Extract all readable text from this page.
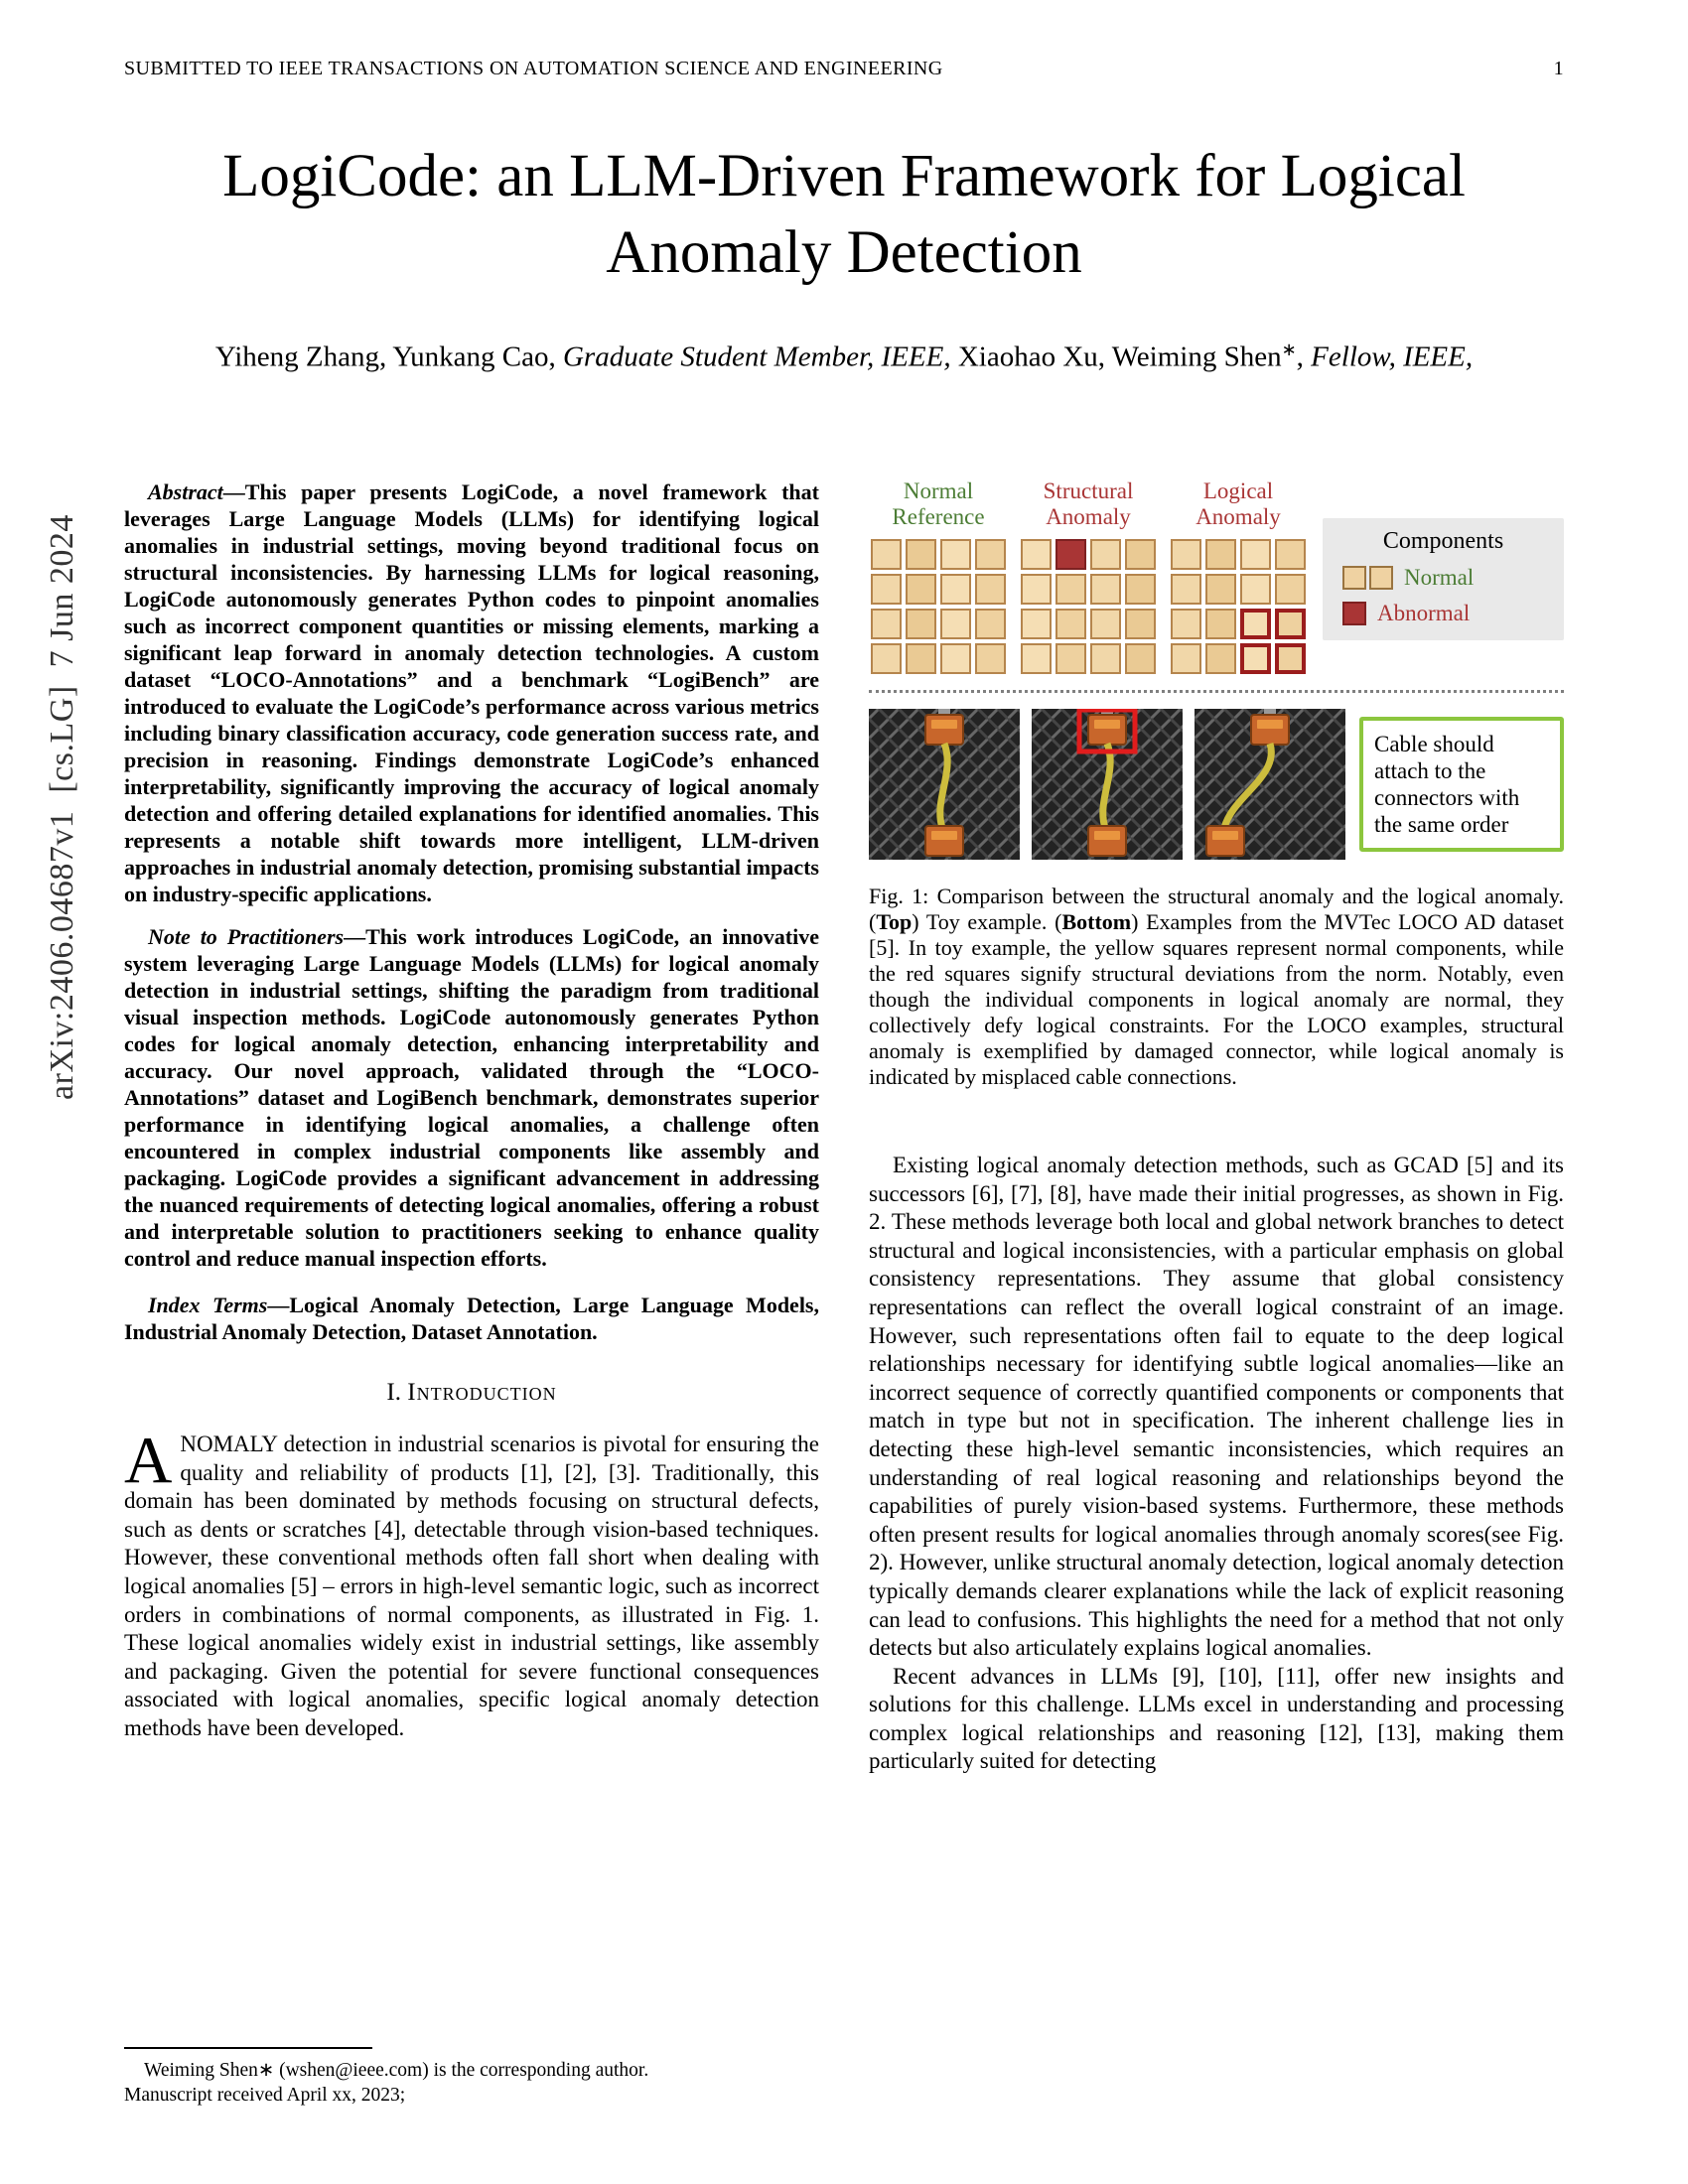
SUBMITTED TO IEEE TRANSACTIONS ON AUTOMATION SCIENCE AND ENGINEERING	1
LogiCode: an LLM-Driven Framework for Logical Anomaly Detection
Yiheng Zhang, Yunkang Cao, Graduate Student Member, IEEE, Xiaohao Xu, Weiming Shen∗, Fellow, IEEE,
arXiv:2406.04687v1  [cs.LG]  7 Jun 2024

Abstract—This paper presents LogiCode, a novel framework that leverages Large Language Models (LLMs) for identifying logical anomalies in industrial settings, moving beyond traditional focus on structural inconsistencies. By harnessing LLMs for logical reasoning, LogiCode autonomously generates Python codes to pinpoint anomalies such as incorrect component quantities or missing elements, marking a significant leap forward in anomaly detection technologies. A custom dataset “LOCO-Annotations” and a benchmark “LogiBench” are introduced to evaluate the LogiCode’s performance across various metrics including binary classification accuracy, code generation success rate, and precision in reasoning. Findings demonstrate LogiCode’s enhanced interpretability, significantly improving the accuracy of logical anomaly detection and offering detailed explanations for identified anomalies. This represents a notable shift towards more intelligent, LLM-driven approaches in industrial anomaly detection, promising substantial impacts on industry-specific applications.

Note to Practitioners—This work introduces LogiCode, an innovative system leveraging Large Language Models (LLMs) for logical anomaly detection in industrial settings, shifting the paradigm from traditional visual inspection methods. LogiCode autonomously generates Python codes for logical anomaly detection, enhancing interpretability and accuracy. Our novel approach, validated through the “LOCO-Annotations” dataset and LogiBench benchmark, demonstrates superior performance in identifying logical anomalies, a challenge often encountered in complex industrial components like assembly and packaging. LogiCode provides a significant advancement in addressing the nuanced requirements of detecting logical anomalies, offering a robust and interpretable solution to practitioners seeking to enhance quality control and reduce manual inspection efforts.

Index Terms—Logical Anomaly Detection, Large Language Models, Industrial Anomaly Detection, Dataset Annotation.

I. Introduction

ANOMALY detection in industrial scenarios is pivotal for ensuring the quality and reliability of products [1], [2], [3]. Traditionally, this domain has been dominated by methods focusing on structural defects, such as dents or scratches [4], detectable through vision-based techniques. However, these conventional methods often fall short when dealing with logical anomalies [5] – errors in high-level semantic logic, such as incorrect orders in combinations of normal components, as illustrated in Fig. 1. These logical anomalies widely exist in industrial settings, like assembly and packaging. Given the potential for severe functional consequences associated with logical anomalies, specific logical anomaly detection methods have been developed.

Weiming Shen∗ (wshen@ieee.com) is the corresponding author.
Manuscript received April xx, 2023;
Normal Reference
Structural Anomaly
Logical Anomaly
Components
Normal
Abnormal
Cable should attach to the connectors with the same order
Fig. 1: Comparison between the structural anomaly and the logical anomaly. (Top) Toy example. (Bottom) Examples from the MVTec LOCO AD dataset [5]. In toy example, the yellow squares represent normal components, while the red squares signify structural deviations from the norm. Notably, even though the individual components in logical anomaly are normal, they collectively defy logical constraints. For the LOCO examples, structural anomaly is exemplified by damaged connector, while logical anomaly is indicated by misplaced cable connections.

Existing logical anomaly detection methods, such as GCAD [5] and its successors [6], [7], [8], have made their initial progresses, as shown in Fig. 2. These methods leverage both local and global network branches to detect structural and logical inconsistencies, with a particular emphasis on global consistency representations. They assume that global consistency representations can reflect the overall logical constraint of an image. However, such representations often fail to equate to the deep logical relationships necessary for identifying subtle logical anomalies—like an incorrect sequence of correctly quantified components or components that match in type but not in specification. The inherent challenge lies in detecting these high-level semantic inconsistencies, which requires an understanding of real logical reasoning and relationships beyond the capabilities of purely vision-based systems. Furthermore, these methods often present results for logical anomalies through anomaly scores(see Fig. 2). However, unlike structural anomaly detection, logical anomaly detection typically demands clearer explanations while the lack of explicit reasoning can lead to confusions. This highlights the need for a method that not only detects but also articulately explains logical anomalies.

Recent advances in LLMs [9], [10], [11], offer new insights and solutions for this challenge. LLMs excel in understanding and processing complex logical relationships and reasoning [12], [13], making them particularly suited for detecting
